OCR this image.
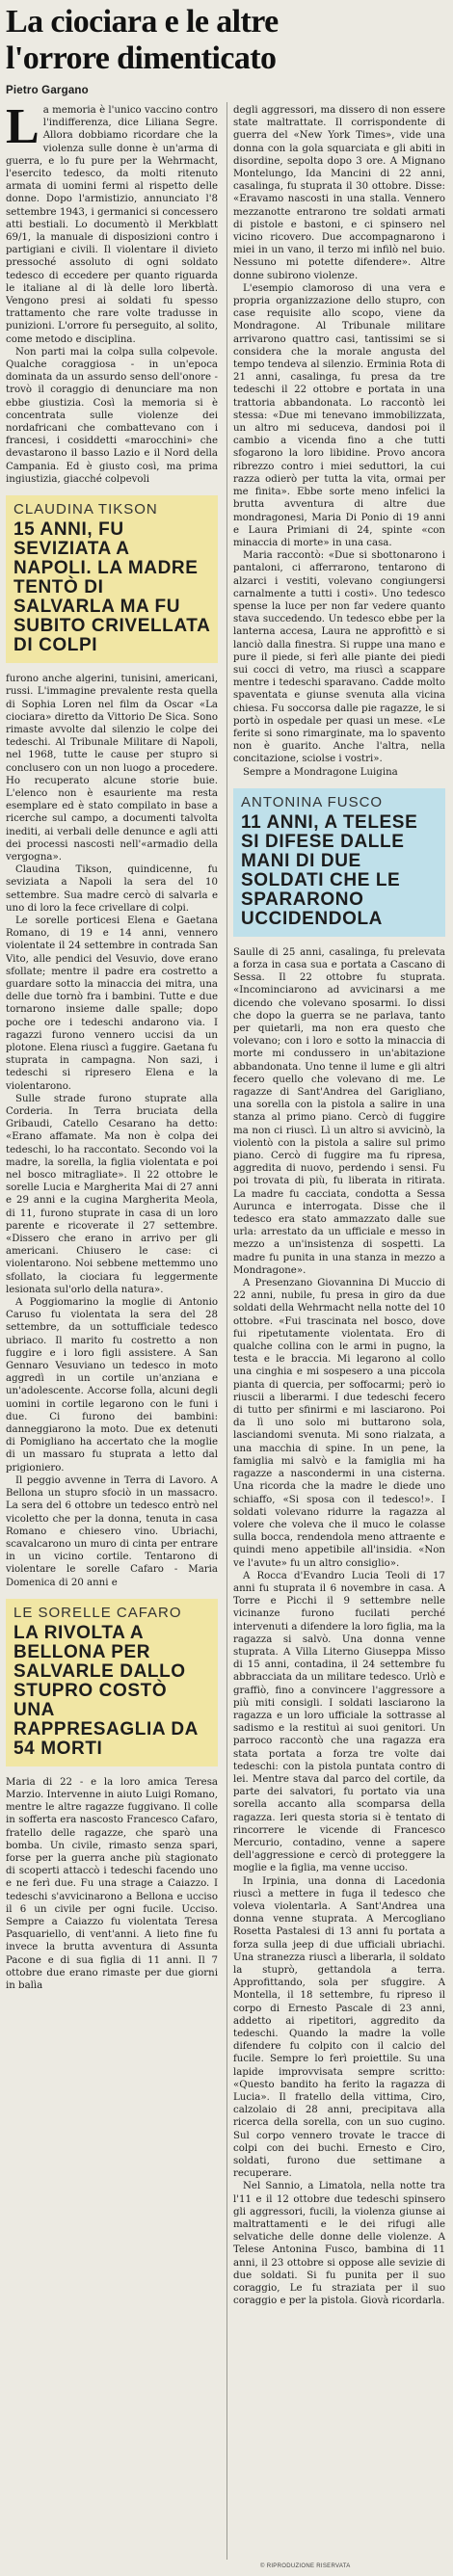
La ciociara e le altre
l'orrore dimenticato
Pietro Gargano

La memoria è l'unico vaccino contro l'indifferenza, dice Liliana Segre. Allora dobbiamo ricordare che la violenza sulle donne è un'arma di guerra, e lo fu pure per la Wehrmacht, l'esercito tedesco, da molti ritenuto armata di uomini fermi al rispetto delle donne. Dopo l'armistizio, annunciato l'8 settembre 1943, i germanici si concessero atti bestiali. Lo documentò il Merkblatt 69/1, la manuale di disposizioni contro i partigiani e civili. Il violentare il divieto pressoché assoluto di ogni soldato tedesco di eccedere per quanto riguarda le italiane al di là delle loro libertà. Vengono presi ai soldati fu spesso trattamento che rare volte tradusse in punizioni. L'orrore fu perseguito, al solito, come metodo e disciplina.

Non parti mai la colpa sulla colpevole. Qualche coraggiosa - in un'epoca dominata da un assurdo senso dell'onore - trovò il coraggio di denunciare ma non ebbe giustizia. Così la memoria si è concentrata sulle violenze dei nordafricani che combattevano con i francesi, i cosiddetti «marocchini» che devastarono il basso Lazio e il Nord della Campania. Ed è giusto così, ma prima ingiustizia, giacché colpevoli

CLAUDINA TIKSON
15 ANNI, FU SEVIZIATA A NAPOLI. LA MADRE TENTÒ DI SALVARLA MA FU SUBITO CRIVELLATA DI COLPI

furono anche algerini, tunisini, americani, russi. L'immagine prevalente resta quella di Sophia Loren nel film da Oscar «La ciociara» diretto da Vittorio De Sica. Sono rimaste avvolte dal silenzio le colpe dei tedeschi. Al Tribunale Militare di Napoli, nel 1968, tutte le cause per stupro si conclusero con un non luogo a procedere. Ho recuperato alcune storie buie. L'elenco non è esauriente ma resta esemplare ed è stato compilato in base a ricerche sul campo, a documenti talvolta inediti, ai verbali delle denunce e agli atti dei processi nascosti nell'«armadio della vergogna».

Claudina Tikson, quindicenne, fu seviziata a Napoli la sera del 10 settembre. Sua madre cercò di salvarla e uno di loro la fece crivellare di colpi.

Le sorelle porticesi Elena e Gaetana Romano, di 19 e 14 anni, vennero violentate il 24 settembre in contrada San Vito, alle pendici del Vesuvio, dove erano sfollate; mentre il padre era costretto a guardare sotto la minaccia dei mitra, una delle due tornò fra i bambini. Tutte e due tornarono insieme dalle spalle; dopo poche ore i tedeschi andarono via. I ragazzi furono vennero uccisi da un plotone. Elena riuscì a fuggire. Gaetana fu stuprata in campagna. Non sazi, i tedeschi si ripresero Elena e la violentarono.

Sulle strade furono stuprate alla Corderia. In Terra bruciata della Gribaudi, Catello Cesarano ha detto: «Erano affamate. Ma non è colpa dei tedeschi, lo ha raccontato. Secondo voi la madre, la sorella, la figlia violentata e poi nel bosco mitragliate». Il 22 ottobre le sorelle Lucia e Margherita Mai di 27 anni e 29 anni e la cugina Margherita Meola, di 11, furono stuprate in casa di un loro parente e ricoverate il 27 settembre. «Dissero che erano in arrivo per gli americani. Chiusero le case: ci violentarono. Noi sebbene mettemmo uno sfollato, la ciociara fu leggermente lesionata sul'orlo della natura».

A Poggiomarino la moglie di Antonio Caruso fu violentata la sera del 28 settembre, da un sottufficiale tedesco ubriaco. Il marito fu costretto a non fuggire e i loro figli assistere. A San Gennaro Vesuviano un tedesco in moto aggredì in un cortile un'anziana e un'adolescente. Accorse folla, alcuni degli uomini in cortile legarono con le funi i due. Ci furono dei bambini: danneggiarono la moto. Due ex detenuti di Pomigliano ha accertato che la moglie di un massaro fu stuprata a letto dal prigioniero.

Il peggio avvenne in Terra di Lavoro. A Bellona un stupro sfociò in un massacro. La sera del 6 ottobre un tedesco entrò nel vicoletto che per la donna, tenuta in casa Romano e chiesero vino. Ubriachi, scavalcarono un muro di cinta per entrare in un vicino cortile. Tentarono di violentare le sorelle Cafaro - Maria Domenica di 20 anni e

LE SORELLE CAFARO
LA RIVOLTA A BELLONA PER SALVARLE DALLO STUPRO COSTÒ UNA RAPPRESAGLIA DA 54 MORTI

Maria di 22 - e la loro amica Teresa Marzio. Intervenne in aiuto Luigi Romano, mentre le altre ragazze fuggivano. Il colle in sofferta era nascosto Francesco Cafaro, fratello delle ragazze, che sparò una bomba. Un civile, rimasto senza spari, forse per la guerra anche più stagionato di scoperti attaccò i tedeschi facendo uno e ne ferì due. Fu una strage a Caiazzo. I tedeschi s'avvicinarono a Bellona e ucciso il 6 un civile per ogni fucile. Ucciso. Sempre a Caiazzo fu violentata Teresa Pasquariello, di vent'anni. A lieto fine fu invece la brutta avventura di Assunta Pacone e di sua figlia di 11 anni. Il 7 ottobre due erano rimaste per due giorni in balìa

degli aggressori, ma dissero di non essere state maltrattate. Il corrispondente di guerra del «New York Times», vide una donna con la gola squarciata e gli abiti in disordine, sepolta dopo 3 ore. A Mignano Montelungo, Ida Mancini di 22 anni, casalinga, fu stuprata il 30 ottobre. Disse: «Eravamo nascosti in una stalla. Vennero mezzanotte entrarono tre soldati armati di pistole e bastoni, e ci spinsero nel vicino ricovero. Due accompagnarono i miei in un vano, il terzo mi infilò nel buio. Nessuno mi potette difendere». Altre donne subirono violenze.

L'esempio clamoroso di una vera e propria organizzazione dello stupro, con case requisite allo scopo, viene da Mondragone. Al Tribunale militare arrivarono quattro casi, tantissimi se si considera che la morale angusta del tempo tendeva al silenzio. Erminia Rota di 21 anni, casalinga, fu presa da tre tedeschi il 22 ottobre e portata in una trattoria abbandonata. Lo raccontò lei stessa: «Due mi tenevano immobilizzata, un altro mi seduceva, dandosi poi il cambio a vicenda fino a che tutti sfogarono la loro libidine. Provo ancora ribrezzo contro i miei seduttori, la cui razza odierò per tutta la vita, ormai per me finita». Ebbe sorte meno infelici la brutta avventura di altre due mondragonesi, Maria Di Ponio di 19 anni e Laura Primiani di 24, spinte «con minaccia di morte» in una casa.

Maria raccontò: «Due si sbottonarono i pantaloni, ci afferrarono, tentarono di alzarci i vestiti, volevano congiungersi carnalmente a tutti i costi». Uno tedesco spense la luce per non far vedere quanto stava succedendo. Un tedesco ebbe per la lanterna accesa, Laura ne approfittò e si lanciò dalla finestra. Si ruppe una mano e pure il piede, si ferì alle piante dei piedi sui cocci di vetro, ma riuscì a scappare mentre i tedeschi sparavano. Cadde molto spaventata e giunse svenuta alla vicina chiesa. Fu soccorsa dalle pie ragazze, le si portò in ospedale per quasi un mese. «Le ferite si sono rimarginate, ma lo spavento non è guarito. Anche l'altra, nella concitazione, sciolse i vostri».

Sempre a Mondragone Luigina

ANTONINA FUSCO
11 ANNI, A TELESE SI DIFESE DALLE MANI DI DUE SOLDATI CHE LE SPARARONO UCCIDENDOLA

Saulle di 25 anni, casalinga, fu prelevata a forza in casa sua e portata a Cascano di Sessa. Il 22 ottobre fu stuprata. «Incominciarono ad avvicinarsi a me dicendo che volevano sposarmi. Io dissi che dopo la guerra se ne parlava, tanto per quietarli, ma non era questo che volevano; con i loro e sotto la minaccia di morte mi condussero in un'abitazione abbandonata. Uno tenne il lume e gli altri fecero quello che volevano di me. Le ragazze di Sant'Andrea del Garigliano, una sorella con la pistola a salire in una stanza al primo piano. Cercò di fuggire ma non ci riuscì. Lì un altro si avvicinò, la violentò con la pistola a salire sul primo piano. Cercò di fuggire ma fu ripresa, aggredita di nuovo, perdendo i sensi. Fu poi trovata di più, fu liberata in ritirata. La madre fu cacciata, condotta a Sessa Aurunca e interrogata. Disse che il tedesco era stato ammazzato dalle sue urla: arrestato da un ufficiale e messo in mezzo a un'insistenza di sospetti. La madre fu punita in una stanza in mezzo a Mondragone».

A Presenzano Giovannina Di Muccio di 22 anni, nubile, fu presa in giro da due soldati della Wehrmacht nella notte del 10 ottobre. «Fui trascinata nel bosco, dove fui ripetutamente violentata. Ero di qualche collina con le armi in pugno, la testa e le braccia. Mi legarono al collo una cinghia e mi sospesero a una piccola pianta di quercia, per soffocarmi; però io riuscii a liberarmi. I due tedeschi fecero di tutto per sfinirmi e mi lasciarono. Poi da lì uno solo mi buttarono sola, lasciandomi svenuta. Mi sono rialzata, a una macchia di spine. In un pene, la famiglia mi salvò e la famiglia mi ha ragazze a nascondermi in una cisterna. Una ricorda che la madre le diede uno schiaffo, «Si sposa con il tedesco!». I soldati volevano ridurre la ragazza al volere che voleva che il muco le colasse sulla bocca, rendendola meno attraente e quindi meno appetibile all'insidia. «Non ve l'avute» fu un altro consiglio».

A Rocca d'Evandro Lucia Teoli di 17 anni fu stuprata il 6 novembre in casa. A Torre e Picchi il 9 settembre nelle vicinanze furono fucilati perché intervenuti a difendere la loro figlia, ma la ragazza si salvò. Una donna venne stuprata. A Villa Literno Giuseppa Misso di 15 anni, contadina, il 24 settembre fu abbracciata da un militare tedesco. Urlò e graffiò, fino a convincere l'aggressore a più miti consigli. I soldati lasciarono la ragazza e un loro ufficiale la sottrasse al sadismo e la restituì ai suoi genitori. Un parroco raccontò che una ragazza era stata portata a forza tre volte dai tedeschi: con la pistola puntata contro di lei. Mentre stava dal parco del cortile, da parte dei salvatori, fu portato via una sorella accanto alla scomparsa della ragazza. Ieri questa storia si è tentato di rincorrere le vicende di Francesco Mercurio, contadino, venne a sapere dell'aggressione e cercò di proteggere la moglie e la figlia, ma venne ucciso.

In Irpinia, una donna di Lacedonia riuscì a mettere in fuga il tedesco che voleva violentarla. A Sant'Andrea una donna venne stuprata. A Mercogliano Rosetta Pastalesi di 13 anni fu portata a forza sulla jeep di due ufficiali ubriachi. Una stranezza riuscì a liberarla, il soldato la stuprò, gettandola a terra. Approfittando, sola per sfuggire. A Montella, il 18 settembre, fu ripreso il corpo di Ernesto Pascale di 23 anni, addetto ai ripetitori, aggredito da tedeschi. Quando la madre la volle difendere fu colpito con il calcio del fucile. Sempre lo ferì proiettile. Su una lapide improvvisata sempre scritto: «Questo bandito ha ferito la ragazza di Lucia». Il fratello della vittima, Ciro, calzolaio di 28 anni, precipitava alla ricerca della sorella, con un suo cugino. Sul corpo vennero trovate le tracce di colpi con dei buchi. Ernesto e Ciro, soldati, furono due settimane a recuperare.

Nel Sannio, a Limatola, nella notte tra l'11 e il 12 ottobre due tedeschi spinsero gli aggressori, fucili, la violenza giunse ai maltrattamenti e le dei rifugi alle selvatiche delle donne delle violenze. A Telese Antonina Fusco, bambina di 11 anni, il 23 ottobre si oppose alle sevizie di due soldati. Si fu punita per il suo coraggio, Le fu straziata per il suo coraggio e per la pistola. Giovà ricordarla.

© RIPRODUZIONE RISERVATA
